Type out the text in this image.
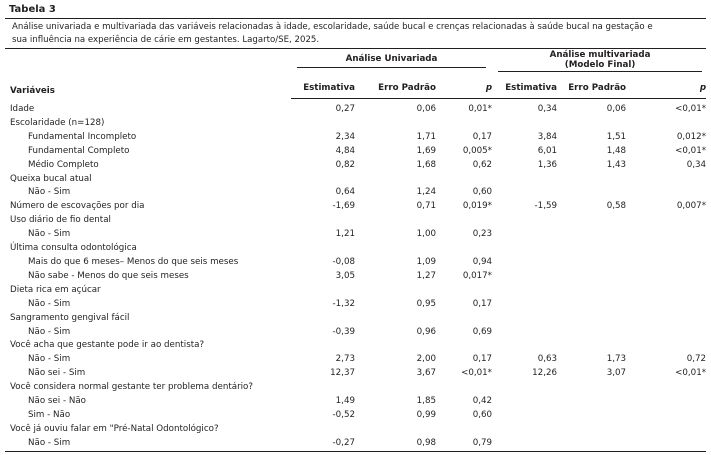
Tabela 3
Análise univariada e multivariada das variáveis relacionadas à idade, escolaridade, saúde bucal e crenças relacionadas à saúde bucal na gestação e
sua influência na experiência de cárie em gestantes. Lagarto/SE, 2025.
Variáveis	Análise Univariada			Análise multivariada
(Modelo Final)		

	Estimativa	Erro Padrão	p	Estimativa	Erro Padrão	p
Idade	0,27	0,06	0,01*	0,34	0,06	<0,01*
Escolaridade (n=128)						
Fundamental Incompleto	2,34	1,71	0,17	3,84	1,51	0,012*
Fundamental Completo	4,84	1,69	0,005*	6,01	1,48	<0,01*
Médio Completo	0,82	1,68	0,62	1,36	1,43	0,34
Queixa bucal atual						
Não - Sim	0,64	1,24	0,60			
Número de escovações por dia	-1,69	0,71	0,019*	-1,59	0,58	0,007*
Uso diário de fio dental						
Não - Sim	1,21	1,00	0,23			
Última consulta odontológica						
Mais do que 6 meses– Menos do que seis meses	-0,08	1,09	0,94			
Não sabe - Menos do que seis meses	3,05	1,27	0,017*			
Dieta rica em açúcar						
Não - Sim	-1,32	0,95	0,17			
Sangramento gengival fácil						
Não - Sim	-0,39	0,96	0,69			
Você acha que gestante pode ir ao dentista?						
Não - Sim	2,73	2,00	0,17	0,63	1,73	0,72
Não sei - Sim	12,37	3,67	<0,01*	12,26	3,07	<0,01*
Você considera normal gestante ter problema dentário?						
Não sei - Não	1,49	1,85	0,42			
Sim - Não	-0,52	0,99	0,60			
Você já ouviu falar em "Pré-Natal Odontológico?						
Não - Sim	-0,27	0,98	0,79			
